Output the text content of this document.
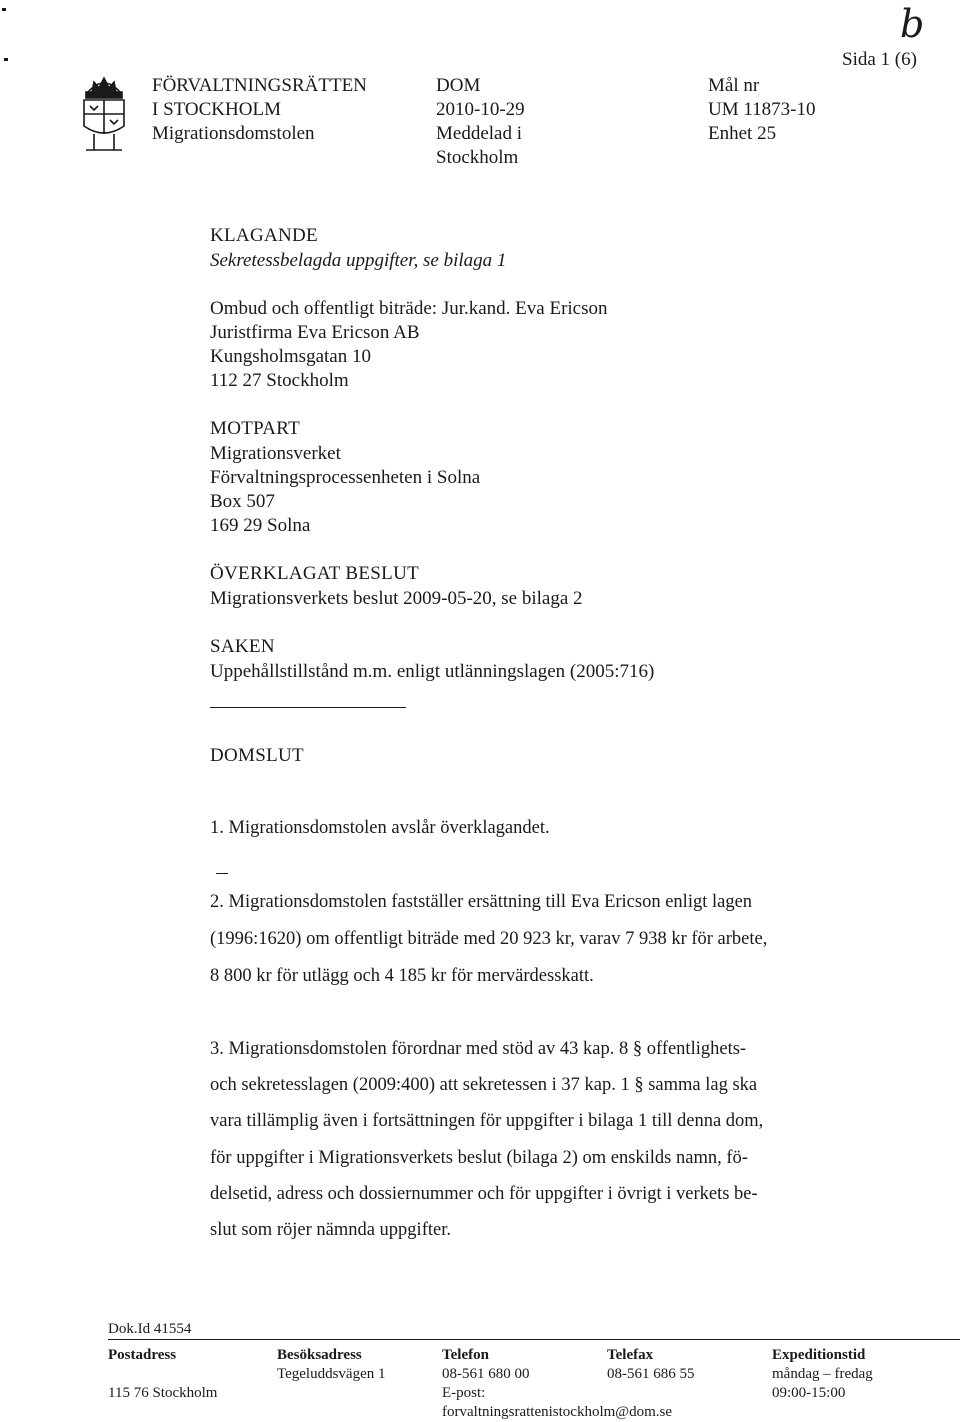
b
Sida 1 (6)
FÖRVALTNINGSRÄTTEN
I STOCKHOLM
Migrationsdomstolen
DOM
2010-10-29
Meddelad i
Stockholm
Mål nr
UM 11873-10
Enhet 25
KLAGANDE
Sekretessbelagda uppgifter, se bilaga 1
Ombud och offentligt biträde: Jur.kand. Eva Ericson
Juristfirma Eva Ericson AB
Kungsholmsgatan 10
112 27 Stockholm
MOTPART
Migrationsverket
Förvaltningsprocessenheten i Solna
Box 507
169 29 Solna
ÖVERKLAGAT BESLUT
Migrationsverkets beslut 2009-05-20, se bilaga 2
SAKEN
Uppehållstillstånd m.m. enligt utlänningslagen (2005:716)
DOMSLUT
1. Migrationsdomstolen avslår överklagandet.
2. Migrationsdomstolen fastställer ersättning till Eva Ericson enligt lagen
(1996:1620) om offentligt biträde med 20 923 kr, varav 7 938 kr för arbete,
8 800 kr för utlägg och 4 185 kr för mervärdesskatt.
3. Migrationsdomstolen förordnar med stöd av 43 kap. 8 § offentlighets-
och sekretesslagen (2009:400) att sekretessen i 37 kap. 1 § samma lag ska
vara tillämplig även i fortsättningen för uppgifter i bilaga 1 till denna dom,
för uppgifter i Migrationsverkets beslut (bilaga 2) om enskilds namn, fö-
delsetid, adress och dossiernummer och för uppgifter i övrigt i verkets be-
slut som röjer nämnda uppgifter.
Dok.Id 41554
Postadress
115 76 Stockholm
Besöksadress
Tegeluddsvägen 1
Telefon
08-561 680 00
E-post:
forvaltningsrattenistockholm@dom.se
Telefax
08-561 686 55
Expeditionstid
måndag – fredag
09:00-15:00
